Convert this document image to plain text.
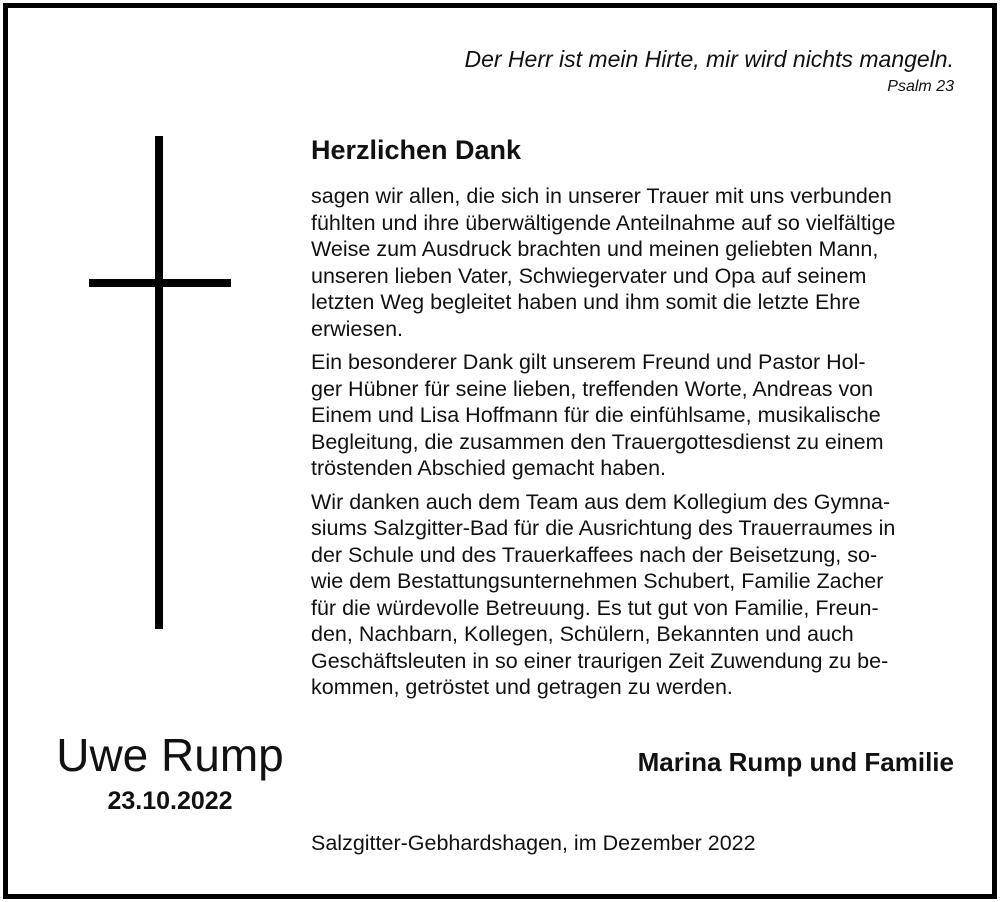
Der Herr ist mein Hirte, mir wird nichts mangeln.
Psalm 23
Herzlichen Dank

sagen wir allen, die sich in unserer Trauer mit uns verbunden
fühlten und ihre überwältigende Anteilnahme auf so vielfältige
Weise zum Ausdruck brachten und meinen geliebten Mann,
unseren lieben Vater, Schwiegervater und Opa auf seinem
letzten Weg begleitet haben und ihm somit die letzte Ehre
erwiesen.

Ein besonderer Dank gilt unserem Freund und Pastor Hol-
ger Hübner für seine lieben, treffenden Worte, Andreas von
Einem und Lisa Hoffmann für die einfühlsame, musikalische
Begleitung, die zusammen den Trauergottesdienst zu einem
tröstenden Abschied gemacht haben.

Wir danken auch dem Team aus dem Kollegium des Gymna-
siums Salzgitter-Bad für die Ausrichtung des Trauerraumes in
der Schule und des Trauerkaffees nach der Beisetzung, so-
wie dem Bestattungsunternehmen Schubert, Familie Zacher
für die würdevolle Betreuung. Es tut gut von Familie, Freun-
den, Nachbarn, Kollegen, Schülern, Bekannten und auch
Geschäftsleuten in so einer traurigen Zeit Zuwendung zu be-
kommen, getröstet und getragen zu werden.

Uwe Rump
23.10.2022
Marina Rump und Familie
Salzgitter-Gebhardshagen, im Dezember 2022
